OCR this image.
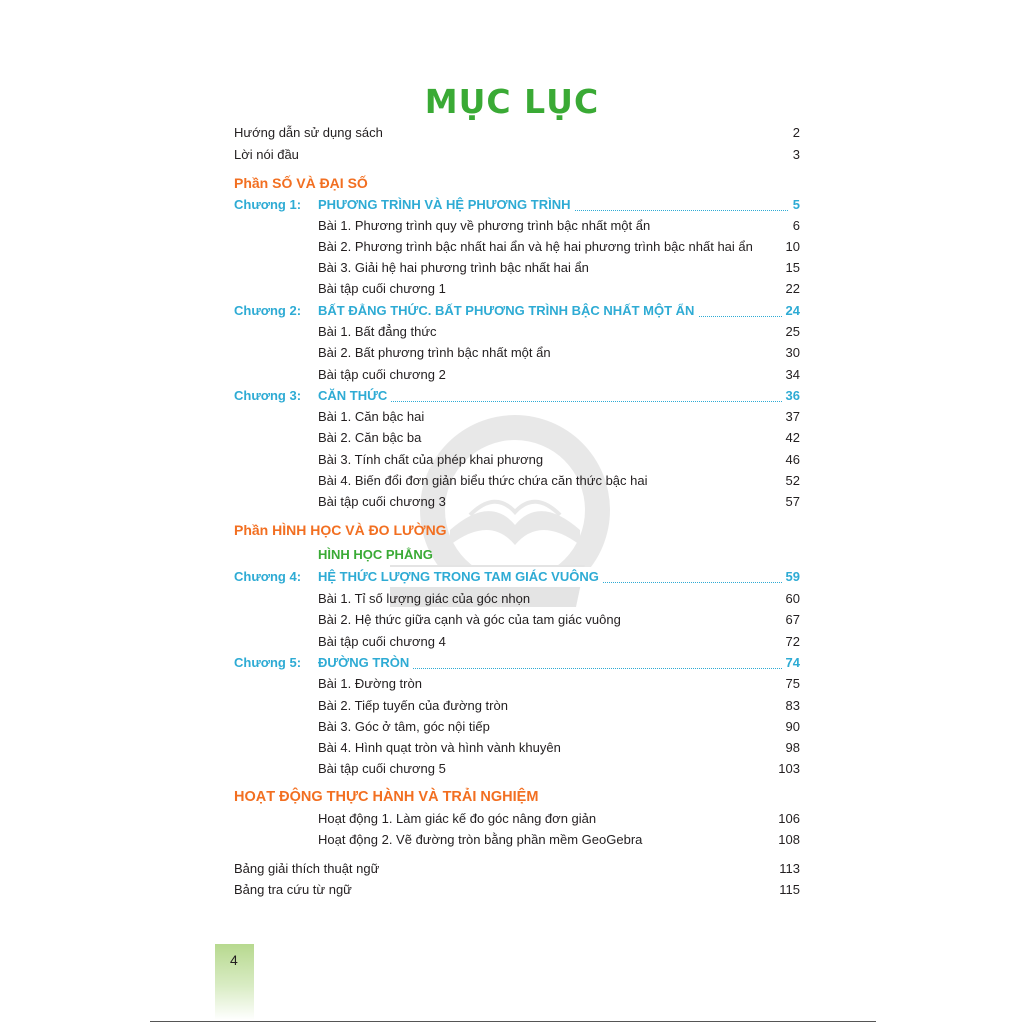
MỤC LỤC
Hướng dẫn sử dụng sách	2
Lời nói đầu	3
Phần SỐ VÀ ĐẠI SỐ
Chương 1: PHƯƠNG TRÌNH VÀ HỆ PHƯƠNG TRÌNH	5
Bài 1. Phương trình quy về phương trình bậc nhất một ẩn	6
Bài 2. Phương trình bậc nhất hai ẩn và hệ hai phương trình bậc nhất hai ẩn	10
Bài 3. Giải hệ hai phương trình bậc nhất hai ẩn	15
Bài tập cuối chương 1	22
Chương 2: BẤT ĐẲNG THỨC. BẤT PHƯƠNG TRÌNH BẬC NHẤT MỘT ẨN	24
Bài 1. Bất đẳng thức	25
Bài 2. Bất phương trình bậc nhất một ẩn	30
Bài tập cuối chương 2	34
Chương 3: CĂN THỨC	36
Bài 1. Căn bậc hai	37
Bài 2. Căn bậc ba	42
Bài 3. Tính chất của phép khai phương	46
Bài 4. Biến đổi đơn giản biểu thức chứa căn thức bậc hai	52
Bài tập cuối chương 3	57
Phần HÌNH HỌC VÀ ĐO LƯỜNG
HÌNH HỌC PHẲNG
Chương 4: HỆ THỨC LƯỢNG TRONG TAM GIÁC VUÔNG	59
Bài 1. Tỉ số lượng giác của góc nhọn	60
Bài 2. Hệ thức giữa cạnh và góc của tam giác vuông	67
Bài tập cuối chương 4	72
Chương 5: ĐƯỜNG TRÒN	74
Bài 1. Đường tròn	75
Bài 2. Tiếp tuyến của đường tròn	83
Bài 3. Góc ở tâm, góc nội tiếp	90
Bài 4. Hình quạt tròn và hình vành khuyên	98
Bài tập cuối chương 5	103
HOẠT ĐỘNG THỰC HÀNH VÀ TRẢI NGHIỆM
Hoạt động 1. Làm giác kế đo góc nâng đơn giản	106
Hoạt động 2. Vẽ đường tròn bằng phần mềm GeoGebra	108
Bảng giải thích thuật ngữ	113
Bảng tra cứu từ ngữ	115
4
